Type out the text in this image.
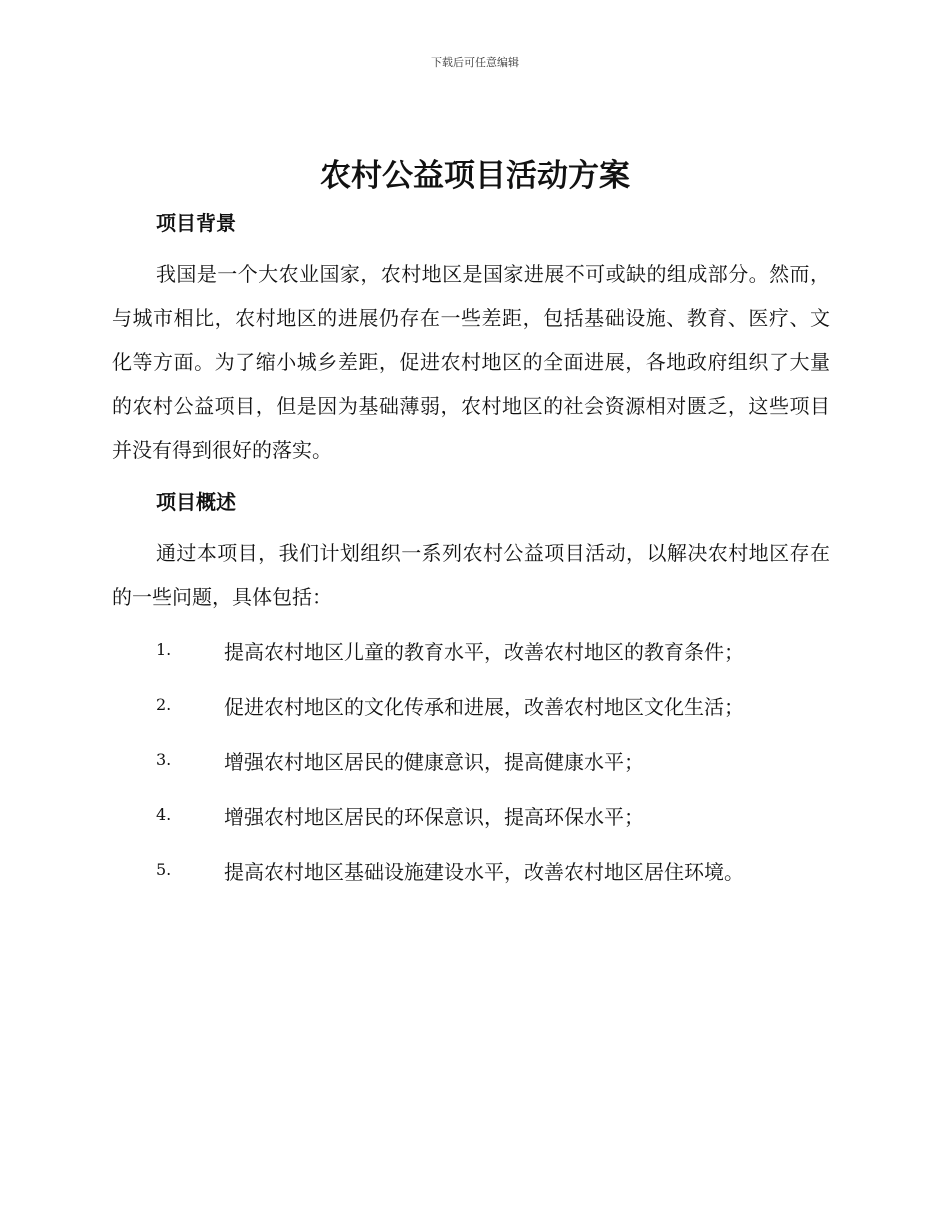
下载后可任意编辑
农村公益项目活动方案
项目背景

我国是一个大农业国家，农村地区是国家进展不可或缺的组成部分。然而，与城市相比，农村地区的进展仍存在一些差距，包括基础设施、教育、医疗、文化等方面。为了缩小城乡差距，促进农村地区的全面进展，各地政府组织了大量的农村公益项目，但是因为基础薄弱，农村地区的社会资源相对匮乏，这些项目并没有得到很好的落实。

项目概述

通过本项目，我们计划组织一系列农村公益项目活动，以解决农村地区存在的一些问题，具体包括：

1.	提高农村地区儿童的教育水平，改善农村地区的教育条件；
2.	促进农村地区的文化传承和进展，改善农村地区文化生活；
3.	增强农村地区居民的健康意识，提高健康水平；
4.	增强农村地区居民的环保意识，提高环保水平；
5.	提高农村地区基础设施建设水平，改善农村地区居住环境。
